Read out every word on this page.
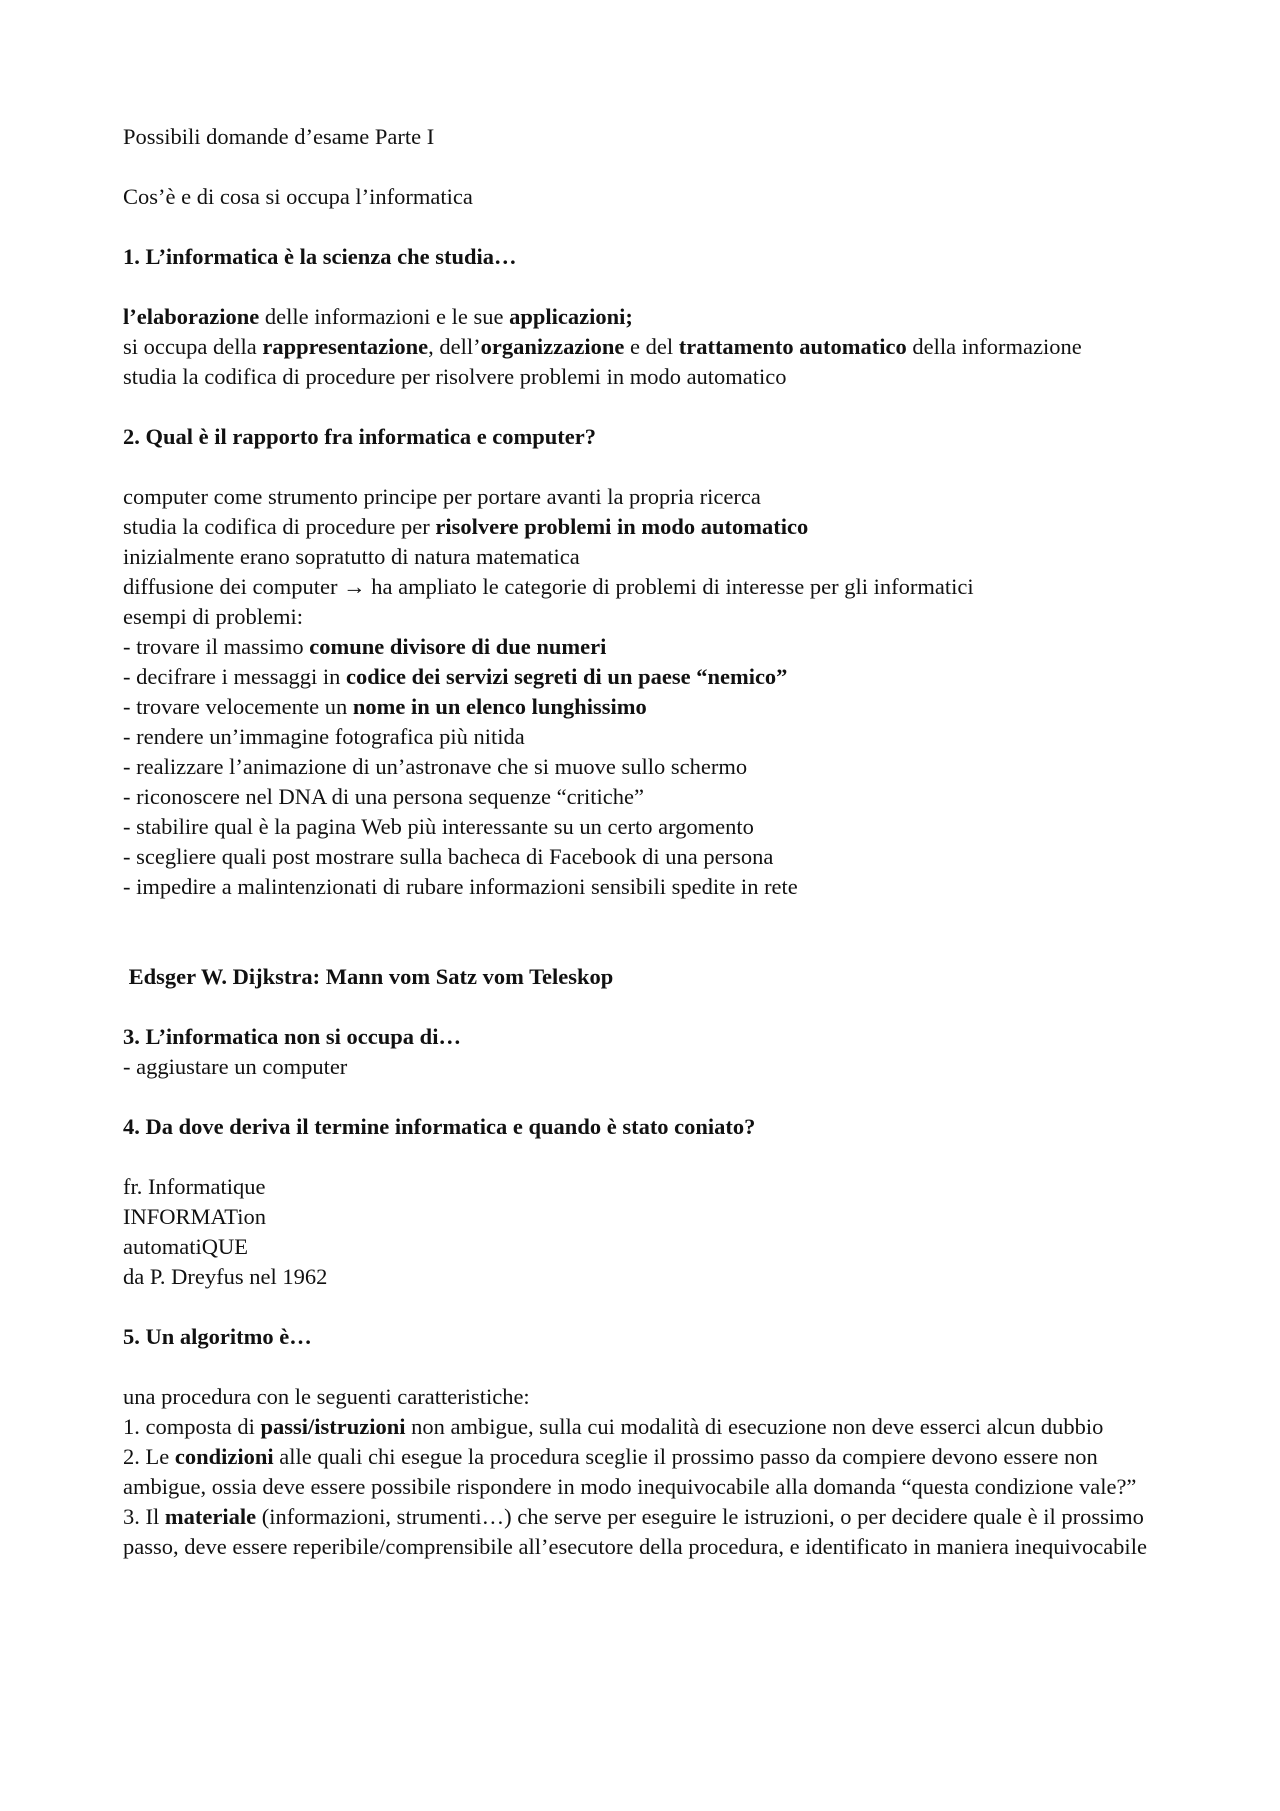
Possibili domande d’esame Parte I

Cos’è e di cosa si occupa l’informatica

1. L’informatica è la scienza che studia…

l’elaborazione delle informazioni e le sue applicazioni;

si occupa della rappresentazione, dell’organizzazione e del trattamento automatico della informazione

studia la codifica di procedure per risolvere problemi in modo automatico

2. Qual è il rapporto fra informatica e computer?

computer come strumento principe per portare avanti la propria ricerca

studia la codifica di procedure per risolvere problemi in modo automatico

inizialmente erano sopratutto di natura matematica

diffusione dei computer → ha ampliato le categorie di problemi di interesse per gli informatici

esempi di problemi:

- trovare il massimo comune divisore di due numeri

- decifrare i messaggi in codice dei servizi segreti di un paese “nemico”

- trovare velocemente un nome in un elenco lunghissimo

- rendere un’immagine fotografica più nitida

- realizzare l’animazione di un’astronave che si muove sullo schermo

- riconoscere nel DNA di una persona sequenze “critiche”

- stabilire qual è la pagina Web più interessante su un certo argomento

- scegliere quali post mostrare sulla bacheca di Facebook di una persona

- impedire a malintenzionati di rubare informazioni sensibili spedite in rete

Edsger W. Dijkstra: Mann vom Satz vom Teleskop

3. L’informatica non si occupa di…

- aggiustare un computer

4. Da dove deriva il termine informatica e quando è stato coniato?

fr. Informatique

INFORMATion

automatiQUE

da P. Dreyfus nel 1962

5. Un algoritmo è…

una procedura con le seguenti caratteristiche:

1. composta di passi/istruzioni non ambigue, sulla cui modalità di esecuzione non deve esserci alcun dubbio

2. Le condizioni alle quali chi esegue la procedura sceglie il prossimo passo da compiere devono essere non ambigue, ossia deve essere possibile rispondere in modo inequivocabile alla domanda “questa condizione vale?”

3. Il materiale (informazioni, strumenti…) che serve per eseguire le istruzioni, o per decidere quale è il prossimo passo, deve essere reperibile/comprensibile all’esecutore della procedura, e identificato in maniera inequivocabile
